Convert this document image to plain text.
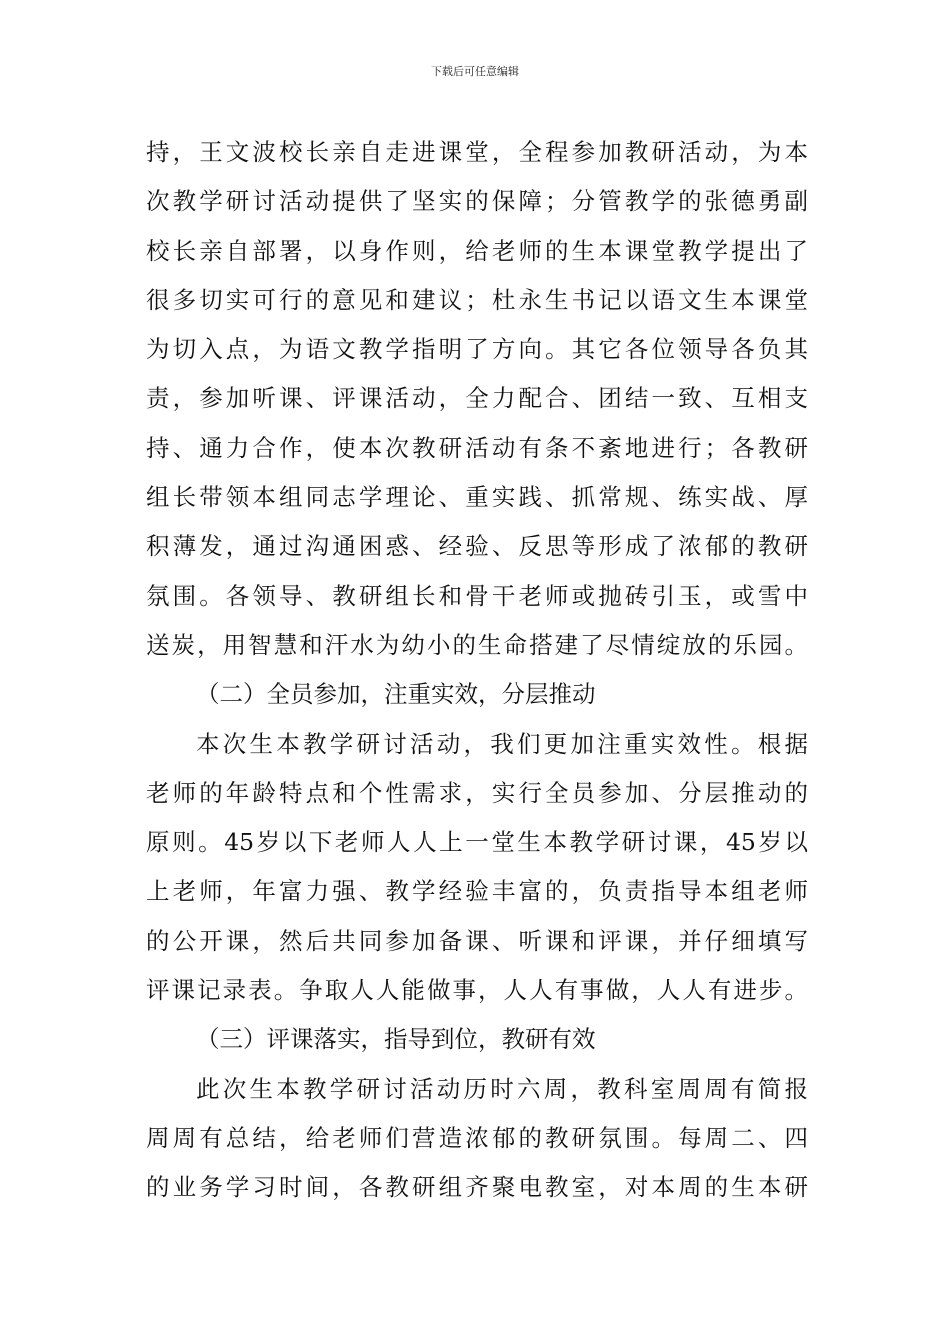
下载后可任意编辑
持，王文波校长亲自走进课堂，全程参加教研活动，为本
次教学研讨活动提供了坚实的保障；分管教学的张德勇副
校长亲自部署，以身作则，给老师的生本课堂教学提出了
很多切实可行的意见和建议；杜永生书记以语文生本课堂
为切入点，为语文教学指明了方向。其它各位领导各负其
责，参加听课、评课活动，全力配合、团结一致、互相支
持、通力合作，使本次教研活动有条不紊地进行；各教研
组长带领本组同志学理论、重实践、抓常规、练实战、厚
积薄发，通过沟通困惑、经验、反思等形成了浓郁的教研
氛围。各领导、教研组长和骨干老师或抛砖引玉，或雪中
送炭，用智慧和汗水为幼小的生命搭建了尽情绽放的乐园。
（二）全员参加，注重实效，分层推动
本次生本教学研讨活动，我们更加注重实效性。根据
老师的年龄特点和个性需求，实行全员参加、分层推动的
原则。45岁以下老师人人上一堂生本教学研讨课，45岁以
上老师，年富力强、教学经验丰富的，负责指导本组老师
的公开课，然后共同参加备课、听课和评课，并仔细填写
评课记录表。争取人人能做事，人人有事做，人人有进步。
（三）评课落实，指导到位，教研有效
此次生本教学研讨活动历时六周，教科室周周有简报
周周有总结，给老师们营造浓郁的教研氛围。每周二、四
的业务学习时间，各教研组齐聚电教室，对本周的生本研
